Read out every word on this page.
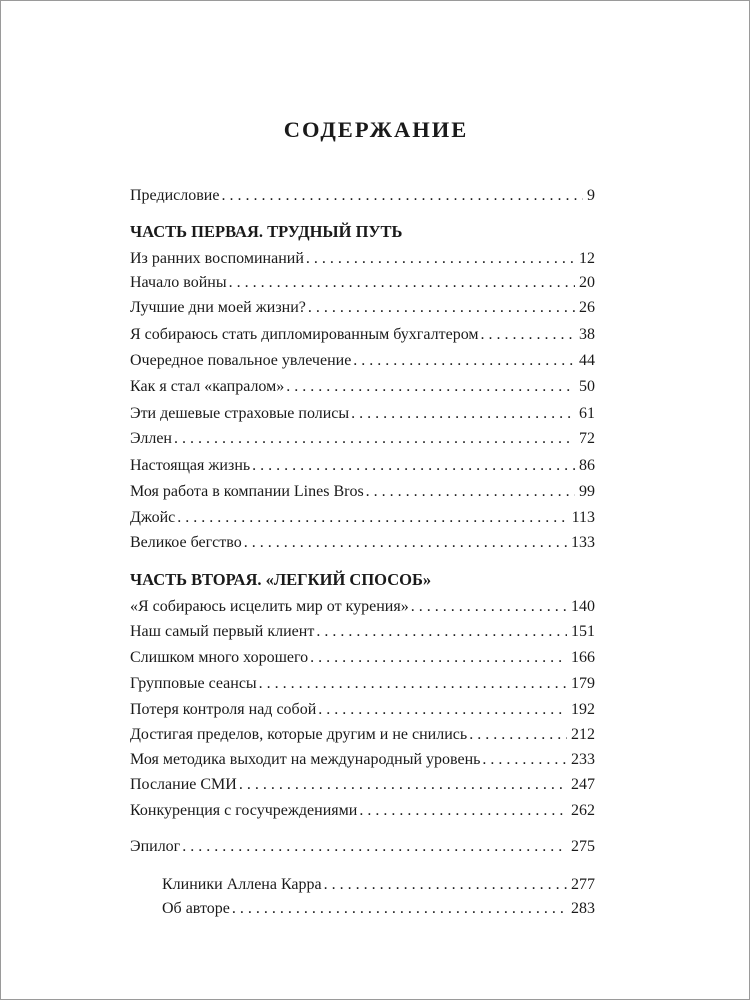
СОДЕРЖАНИЕ
Предисловие . . .	9
ЧАСТЬ ПЕРВАЯ. ТРУДНЫЙ ПУТЬ
Из ранних воспоминаний . . .	12
Начало войны . . .	20
Лучшие дни моей жизни? . . .	26
Я собираюсь стать дипломированным бухгалтером . . .	38
Очередное повальное увлечение . . .	44
Как я стал «капралом» . . .	50
Эти дешевые страховые полисы . . .	61
Эллен . . .	72
Настоящая жизнь . . .	86
Моя работа в компании Lines Bros . . .	99
Джойс . . .	113
Великое бегство . . .	133
ЧАСТЬ ВТОРАЯ. «ЛЕГКИЙ СПОСОБ»
«Я собираюсь исцелить мир от курения» . . .	140
Наш самый первый клиент . . .	151
Слишком много хорошего . . .	166
Групповые сеансы . . .	179
Потеря контроля над собой . . .	192
Достигая пределов, которые другим и не снились . . .	212
Моя методика выходит на международный уровень . . .	233
Послание СМИ . . .	247
Конкуренция с госучреждениями . . .	262
Эпилог . . .	275
Клиники Аллена Карра . . .	277
Об авторе . . .	283
